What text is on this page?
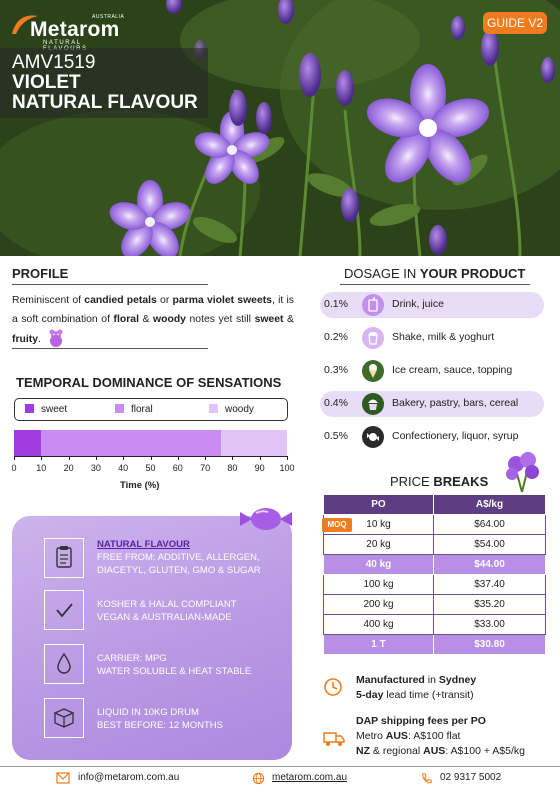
Metarom
AUSTRALIA
NATURAL
GUIDE V2
AMV1519
VIOLET
NATURAL FLAVOUR
PROFILE
Reminiscent of candied petals or parma violet sweets, it is a soft combination of floral & woody notes yet still sweet & fruity.
TEMPORAL DOMINANCE OF SENSATIONS
sweet	floral	woody
0	10	20	30	40	50	60	70	80	90	100
Time (%)
NATURAL FLAVOUR
FREE FROM: ADDITIVE, ALLERGEN,
DIACETYL, GLUTEN, GMO & SUGAR
KOSHER & HALAL COMPLIANT
VEGAN & AUSTRALIAN-MADE
CARRIER: MPG
WATER SOLUBLE & HEAT STABLE
LIQUID IN 10KG DRUM
BEST BEFORE: 12 MONTHS
DOSAGE IN YOUR PRODUCT
0.1%	Drink, juice
0.2%	Shake, milk & yoghurt
0.3%	Ice cream, sauce, topping
0.4%	Bakery, pastry, bars, cereal
0.5%	Confectionery, liquor, syrup
PRICE BREAKS
PO	A$/kg
10 kg	$64.00
20 kg	$54.00
40 kg	$44.00
100 kg	$37.40
200 kg	$35.20
400 kg	$33.00
1 T	$30.80
MOQ
Manufactured in Sydney
5-day lead time (+transit)
DAP shipping fees per PO
Metro AUS: A$100 flat
NZ & regional AUS: A$100 + A$5/kg
info@metarom.com.au	metarom.com.au	02 9317 5002
